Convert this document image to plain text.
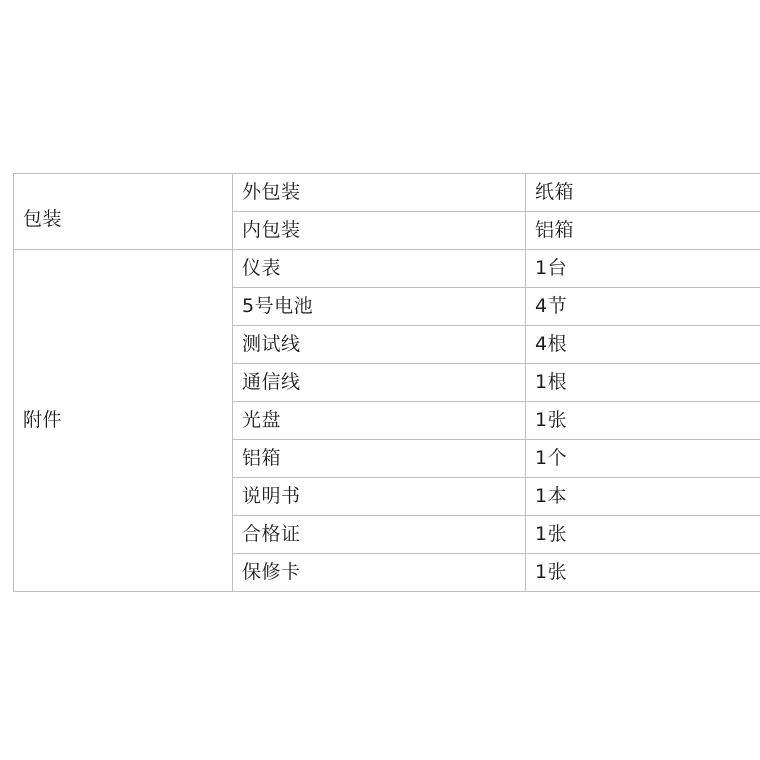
包装	外包装	纸箱
	内包装	铝箱
附件	仪表	1台
	5号电池	4节
	测试线	4根
	通信线	1根
	光盘	1张
	铝箱	1个
	说明书	1本
	合格证	1张
	保修卡	1张
